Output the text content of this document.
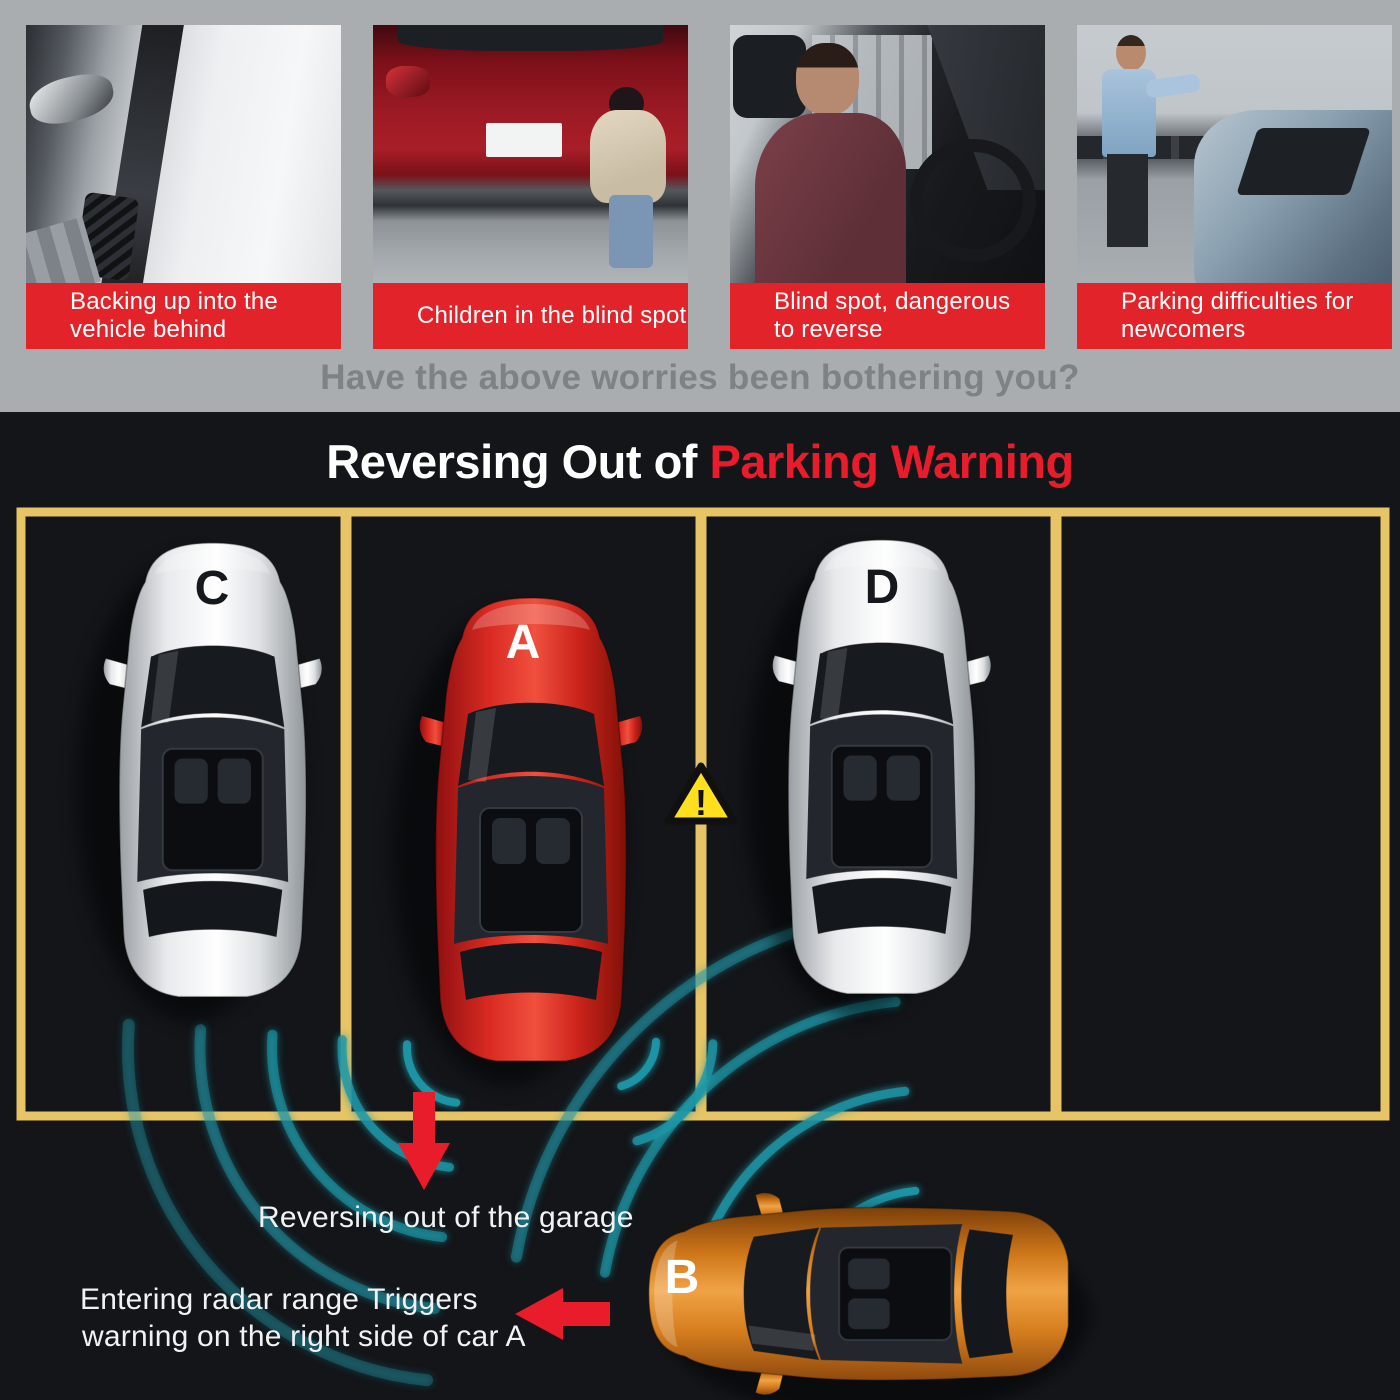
Backing up into the
vehicle behind
Children in the blind spot
Blind spot, dangerous
to reverse
Parking difficulties for
newcomers
Have the above worries been bothering you?
Reversing Out of Parking Warning
!
C
A
D
B
Reversing out of the garage
Entering radar range Triggers
warning on the right side of car A
